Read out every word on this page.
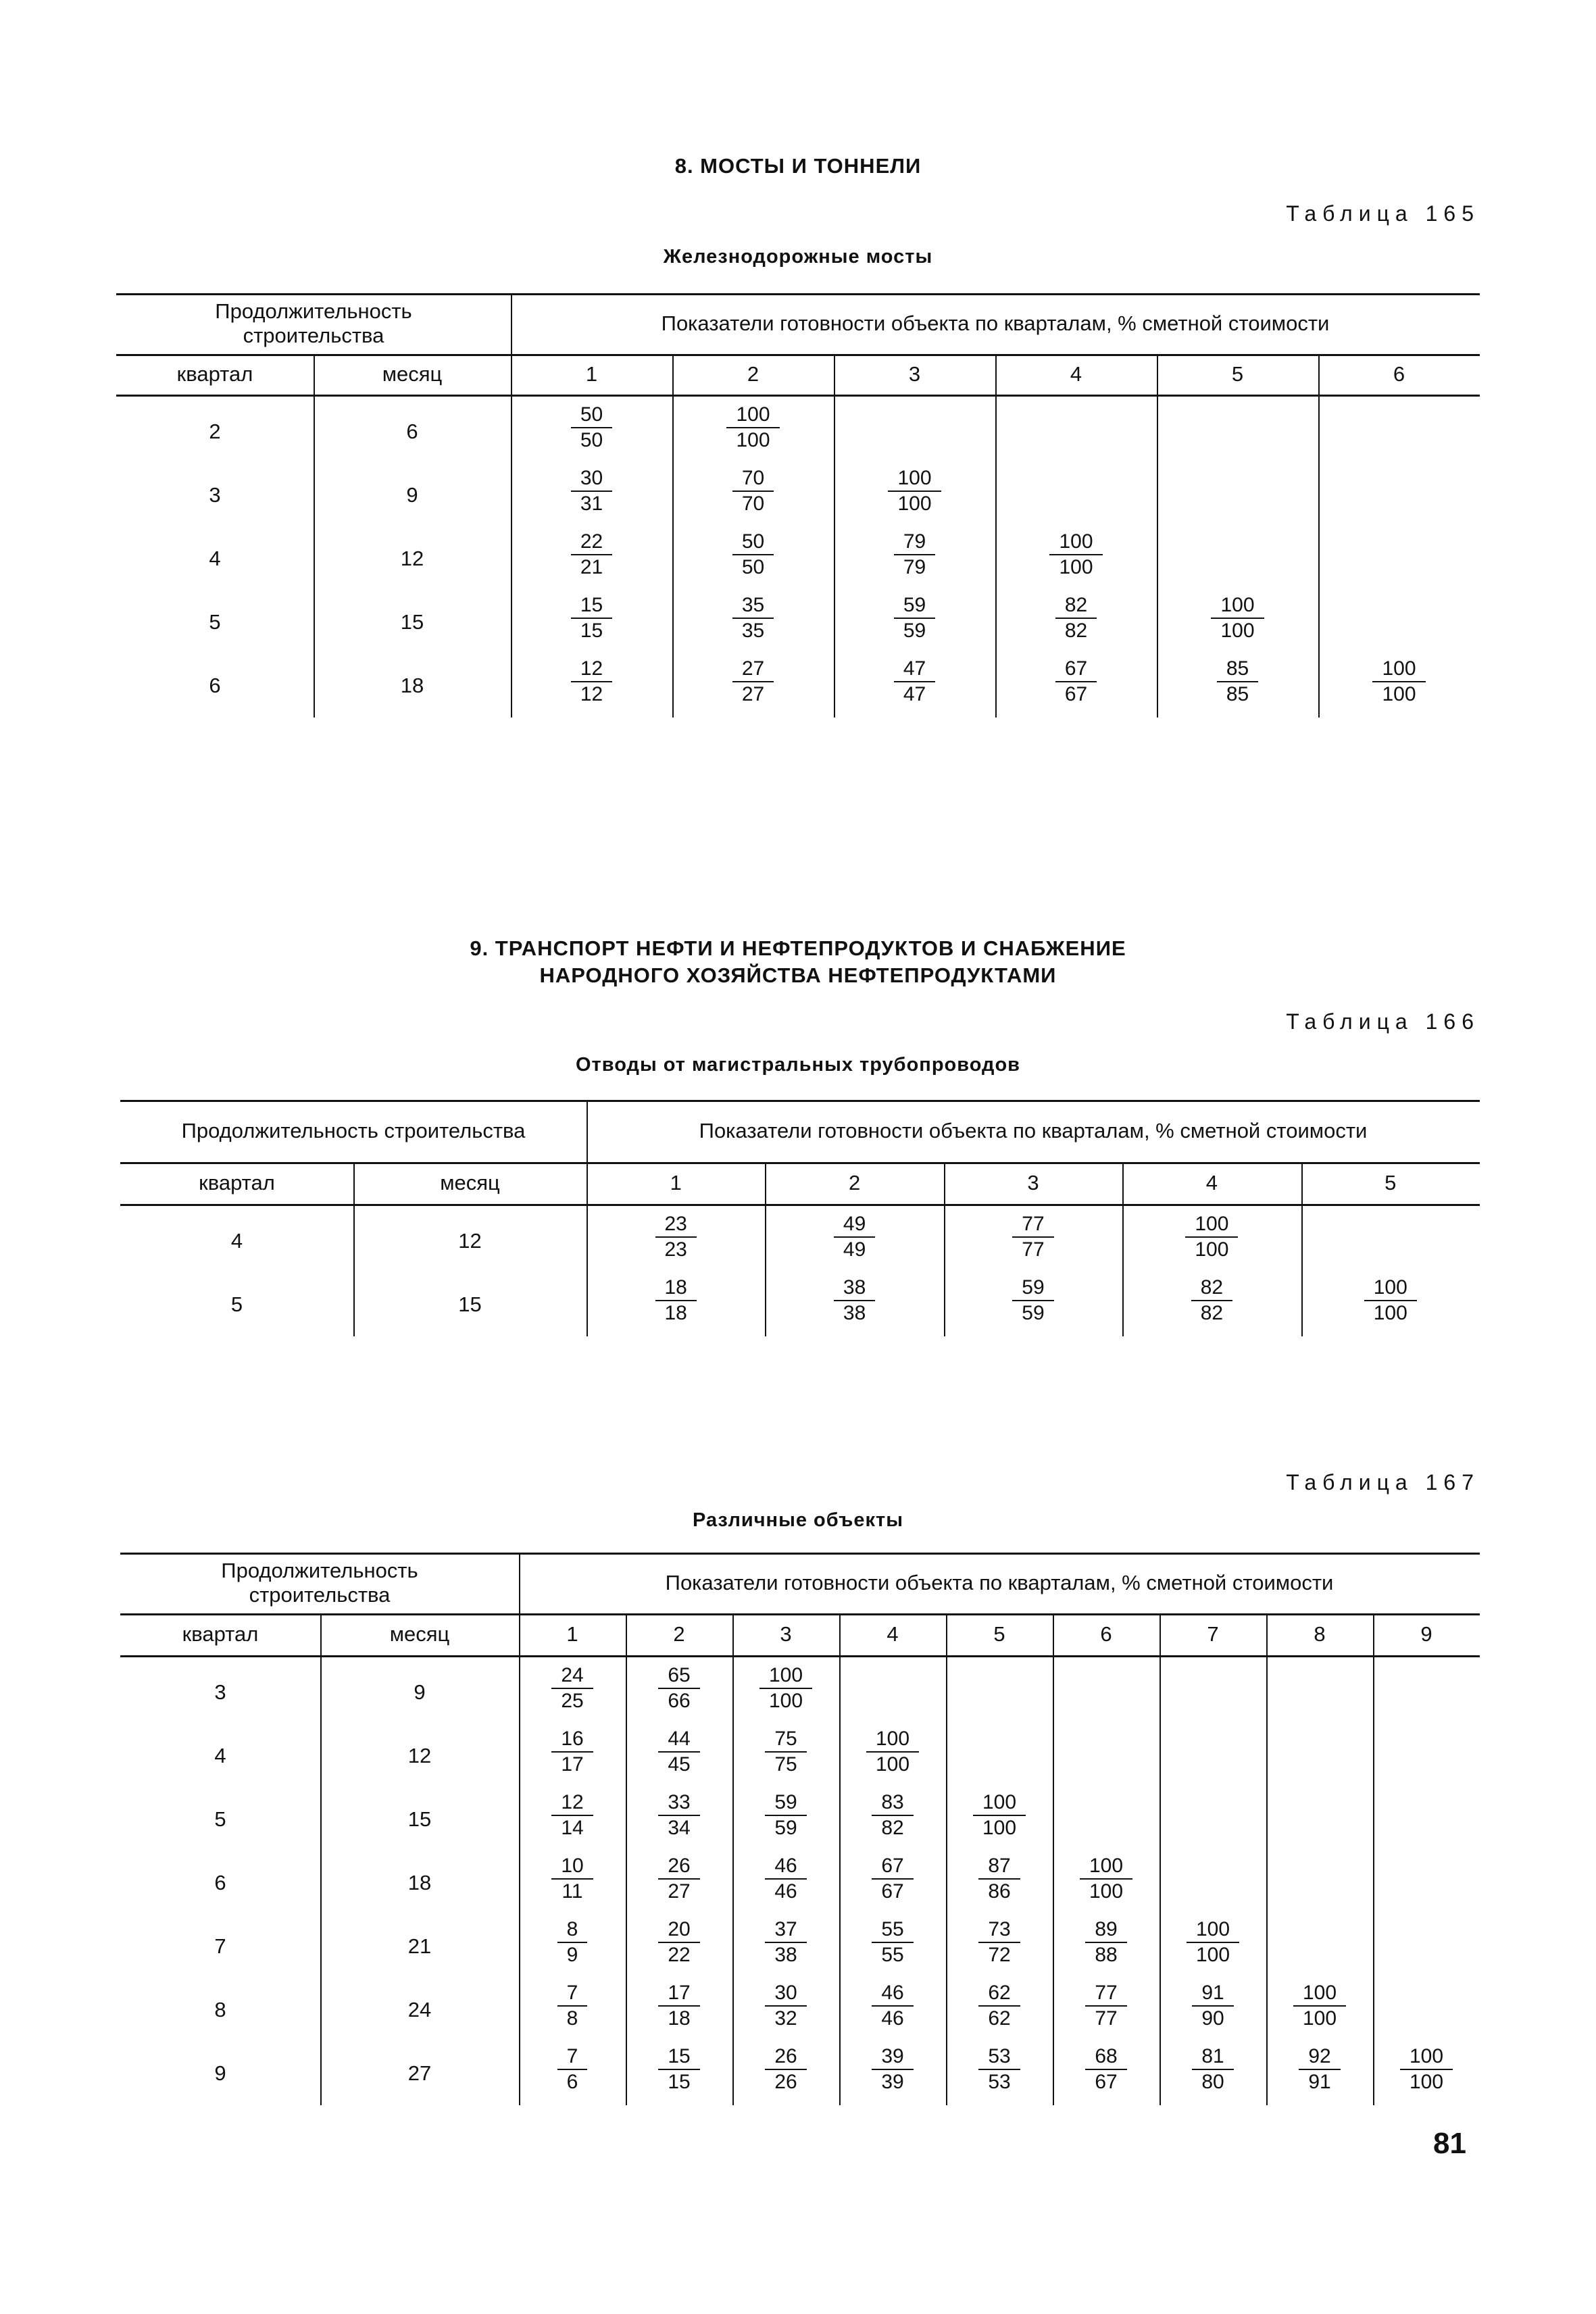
8. МОСТЫ И ТОННЕЛИ
Таблица 165
Железнодорожные мосты
Продолжительность строительства
Показатели готовности объекта по кварталам, % сметной стоимости
квартал	месяц	1	2	3	4	5	6
2	6	$\frac{50}{50} \frac{100}{100}$
3	9	$\frac{30}{31} \frac{70}{70} \frac{100}{100}$
4	12	$\frac{22}{21} \frac{50}{50} \frac{79}{79} \frac{100}{100}$
5	15	$\frac{15}{15} \frac{35}{35} \frac{59}{59} \frac{82}{82} \frac{100}{100}$
6	18	$\frac{12}{12} \frac{27}{27} \frac{47}{47} \frac{67}{67} \frac{85}{85} \frac{100}{100}$
9. ТРАНСПОРТ НЕФТИ И НЕФТЕПРОДУКТОВ И СНАБЖЕНИЕ
НАРОДНОГО ХОЗЯЙСТВА НЕФТЕПРОДУКТАМИ
Таблица 166
Отводы от магистральных трубопроводов
Продолжительность строительства	Показатели готовности объекта по кварталам, % сметной стоимости
квартал	месяц	1	2	3	4	5
4	12	$\frac{23}{23} \frac{49}{49} \frac{77}{77} \frac{100}{100}$
5	15	$\frac{18}{18} \frac{38}{38} \frac{59}{59} \frac{82}{82} \frac{100}{100}$
Таблица 167
Различные объекты
Продолжительность строительства
Показатели готовности объекта по кварталам, % сметной стоимости
квартал	месяц	1	2	3	4	5	6	7	8	9
3	9	$\frac{24}{25} \frac{65}{66} \frac{100}{100}$
4	12	$\frac{16}{17} \frac{44}{45} \frac{75}{75} \frac{100}{100}$
5	15	$\frac{12}{14} \frac{33}{34} \frac{59}{59} \frac{83}{82} \frac{100}{100}$
6	18	$\frac{10}{11} \frac{26}{27} \frac{46}{46} \frac{67}{67} \frac{87}{86} \frac{100}{100}$
7	21	$\frac{8}{9} \frac{20}{22} \frac{37}{38} \frac{55}{55} \frac{73}{72} \frac{89}{88} \frac{100}{100}$
8	24	$\frac{7}{8} \frac{17}{18} \frac{30}{32} \frac{46}{46} \frac{62}{62} \frac{77}{77} \frac{91}{90} \frac{100}{100}$
9	27	$\frac{7}{6} \frac{15}{15} \frac{26}{26} \frac{39}{39} \frac{53}{53} \frac{68}{67} \frac{81}{80} \frac{92}{91} \frac{100}{100}$
81
